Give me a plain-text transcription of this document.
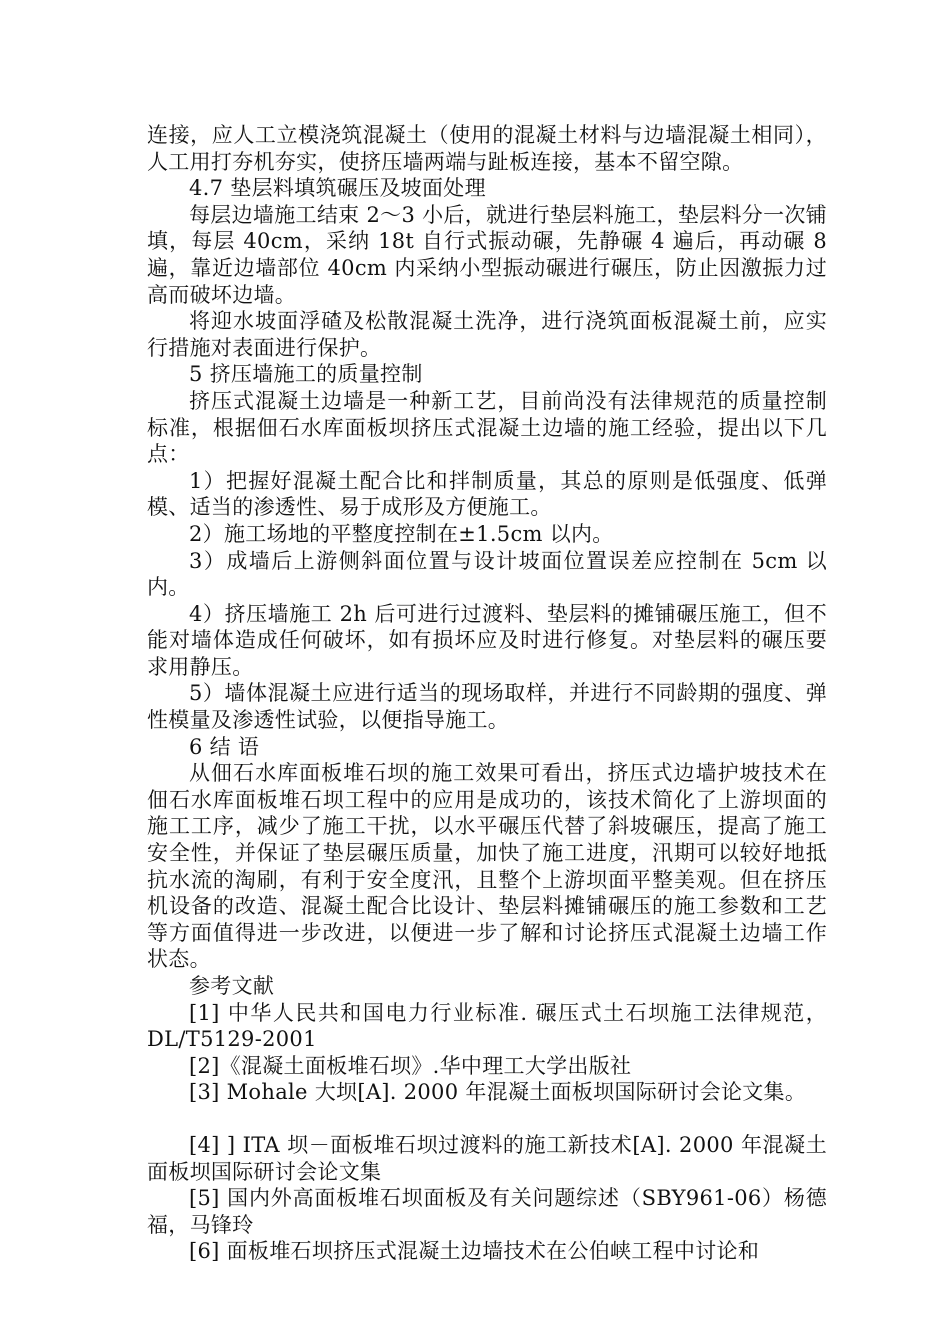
连接，应人工立模浇筑混凝土（使用的混凝土材料与边墙混凝土相同），人工用打夯机夯实，使挤压墙两端与趾板连接，基本不留空隙。

4.7 垫层料填筑碾压及坡面处理

每层边墙施工结束 2～3 小后，就进行垫层料施工，垫层料分一次铺填，每层 40cm，采纳 18t 自行式振动碾，先静碾 4 遍后，再动碾 8 遍，靠近边墙部位 40cm 内采纳小型振动碾进行碾压，防止因激振力过高而破坏边墙。

将迎水坡面浮碴及松散混凝土洗净，进行浇筑面板混凝土前，应实行措施对表面进行保护。

5 挤压墙施工的质量控制

挤压式混凝土边墙是一种新工艺，目前尚没有法律规范的质量控制标准，根据佃石水库面板坝挤压式混凝土边墙的施工经验，提出以下几点：

1）把握好混凝土配合比和拌制质量，其总的原则是低强度、低弹模、适当的渗透性、易于成形及方便施工。

2）施工场地的平整度控制在±1.5cm 以内。

3）成墙后上游侧斜面位置与设计坡面位置误差应控制在 5cm 以内。

4）挤压墙施工 2h 后可进行过渡料、垫层料的摊铺碾压施工，但不能对墙体造成任何破坏，如有损坏应及时进行修复。对垫层料的碾压要求用静压。

5）墙体混凝土应进行适当的现场取样，并进行不同龄期的强度、弹性模量及渗透性试验，以便指导施工。

6 结 语

从佃石水库面板堆石坝的施工效果可看出，挤压式边墙护坡技术在佃石水库面板堆石坝工程中的应用是成功的，该技术简化了上游坝面的施工工序，减少了施工干扰，以水平碾压代替了斜坡碾压，提高了施工安全性，并保证了垫层碾压质量，加快了施工进度，汛期可以较好地抵抗水流的淘刷，有利于安全度汛，且整个上游坝面平整美观。但在挤压机设备的改造、混凝土配合比设计、垫层料摊铺碾压的施工参数和工艺等方面值得进一步改进，以便进一步了解和讨论挤压式混凝土边墙工作状态。

参考文献

[1] 中华人民共和国电力行业标准. 碾压式土石坝施工法律规范，DL/T5129-2001

[2]《混凝土面板堆石坝》.华中理工大学出版社

[3] Mohale 大坝[A]. 2000 年混凝土面板坝国际研讨会论文集。

[4] ] ITA 坝－面板堆石坝过渡料的施工新技术[A]. 2000 年混凝土面板坝国际研讨会论文集

[5] 国内外高面板堆石坝面板及有关问题综述（SBY961-06）杨德福，马锋玲

[6] 面板堆石坝挤压式混凝土边墙技术在公伯峡工程中讨论和
